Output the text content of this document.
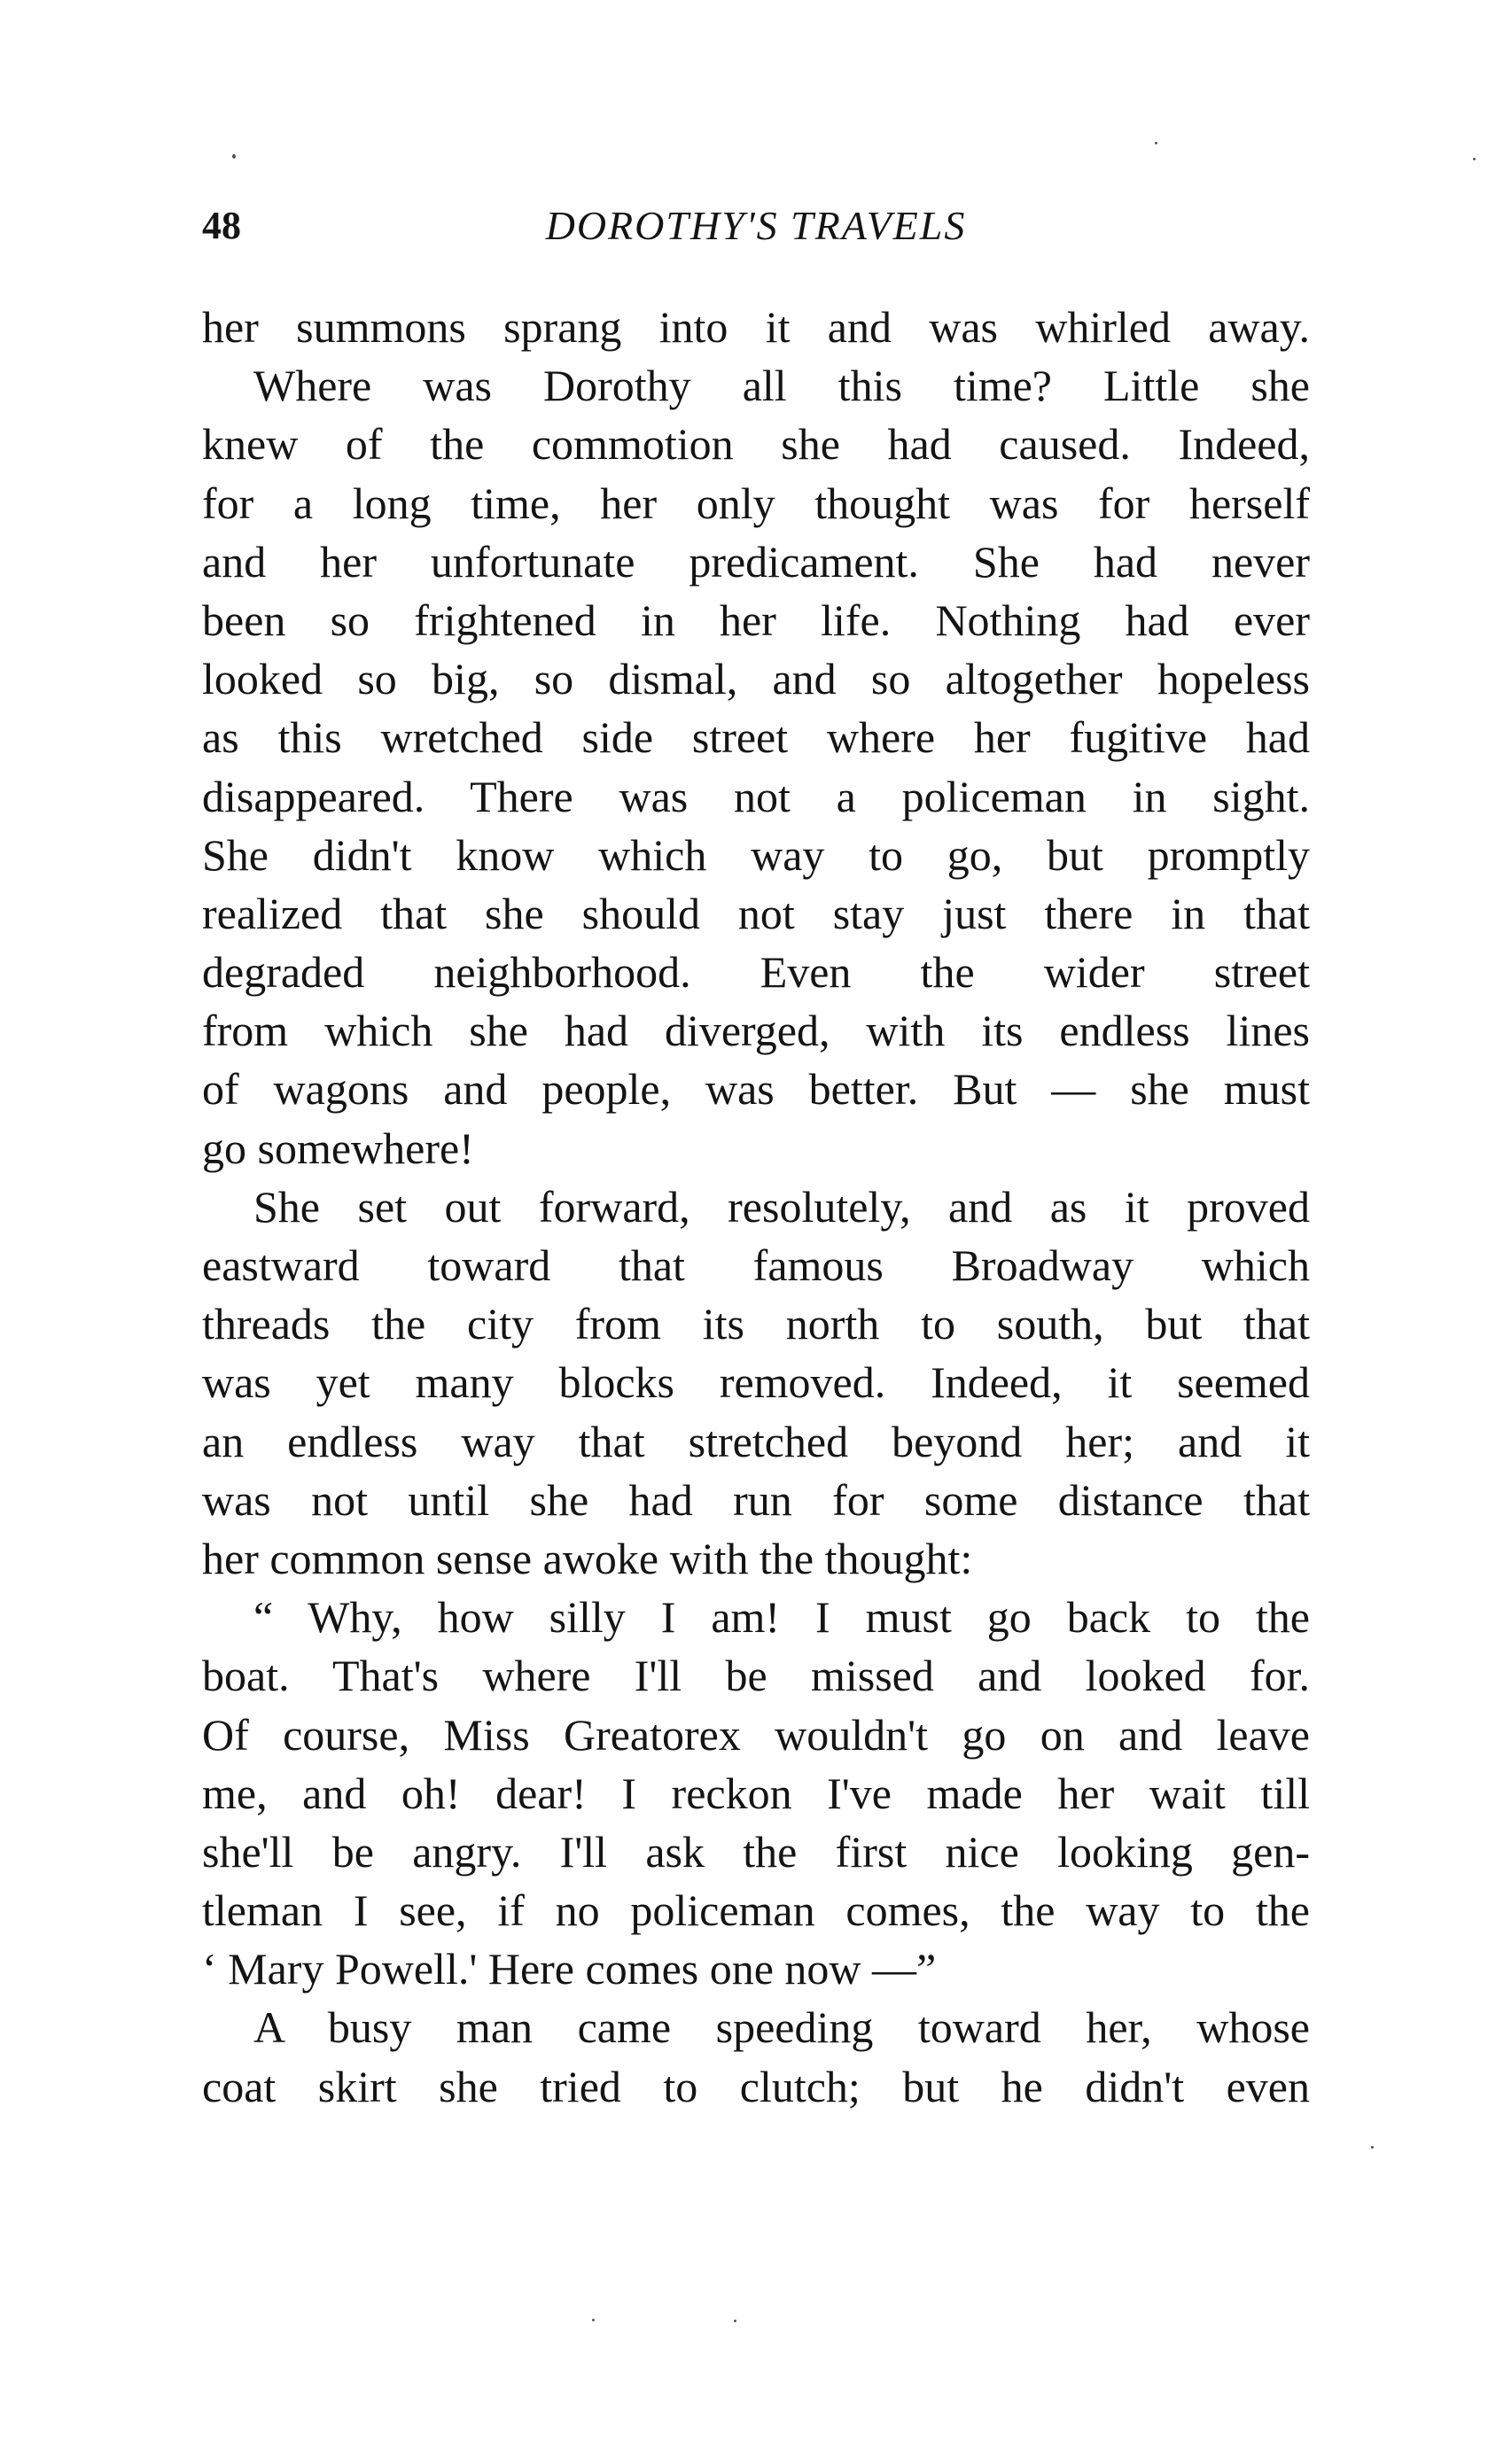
48	DOROTHY'S TRAVELS
her summons sprang into it and was whirled away.
Where was Dorothy all this time? Little she
knew of the commotion she had caused. Indeed,
for a long time, her only thought was for herself
and her unfortunate predicament. She had never
been so frightened in her life. Nothing had ever
looked so big, so dismal, and so altogether hopeless
as this wretched side street where her fugitive had
disappeared. There was not a policeman in sight.
She didn't know which way to go, but promptly
realized that she should not stay just there in that
degraded neighborhood. Even the wider street
from which she had diverged, with its endless lines
of wagons and people, was better. But — she must
go somewhere!
She set out forward, resolutely, and as it proved
eastward toward that famous Broadway which
threads the city from its north to south, but that
was yet many blocks removed. Indeed, it seemed
an endless way that stretched beyond her; and it
was not until she had run for some distance that
her common sense awoke with the thought:
“ Why, how silly I am! I must go back to the
boat. That's where I'll be missed and looked for.
Of course, Miss Greatorex wouldn't go on and leave
me, and oh! dear! I reckon I've made her wait till
she'll be angry. I'll ask the first nice looking gen-
tleman I see, if no policeman comes, the way to the
‘ Mary Powell.' Here comes one now —”
A busy man came speeding toward her, whose
coat skirt she tried to clutch; but he didn't even
